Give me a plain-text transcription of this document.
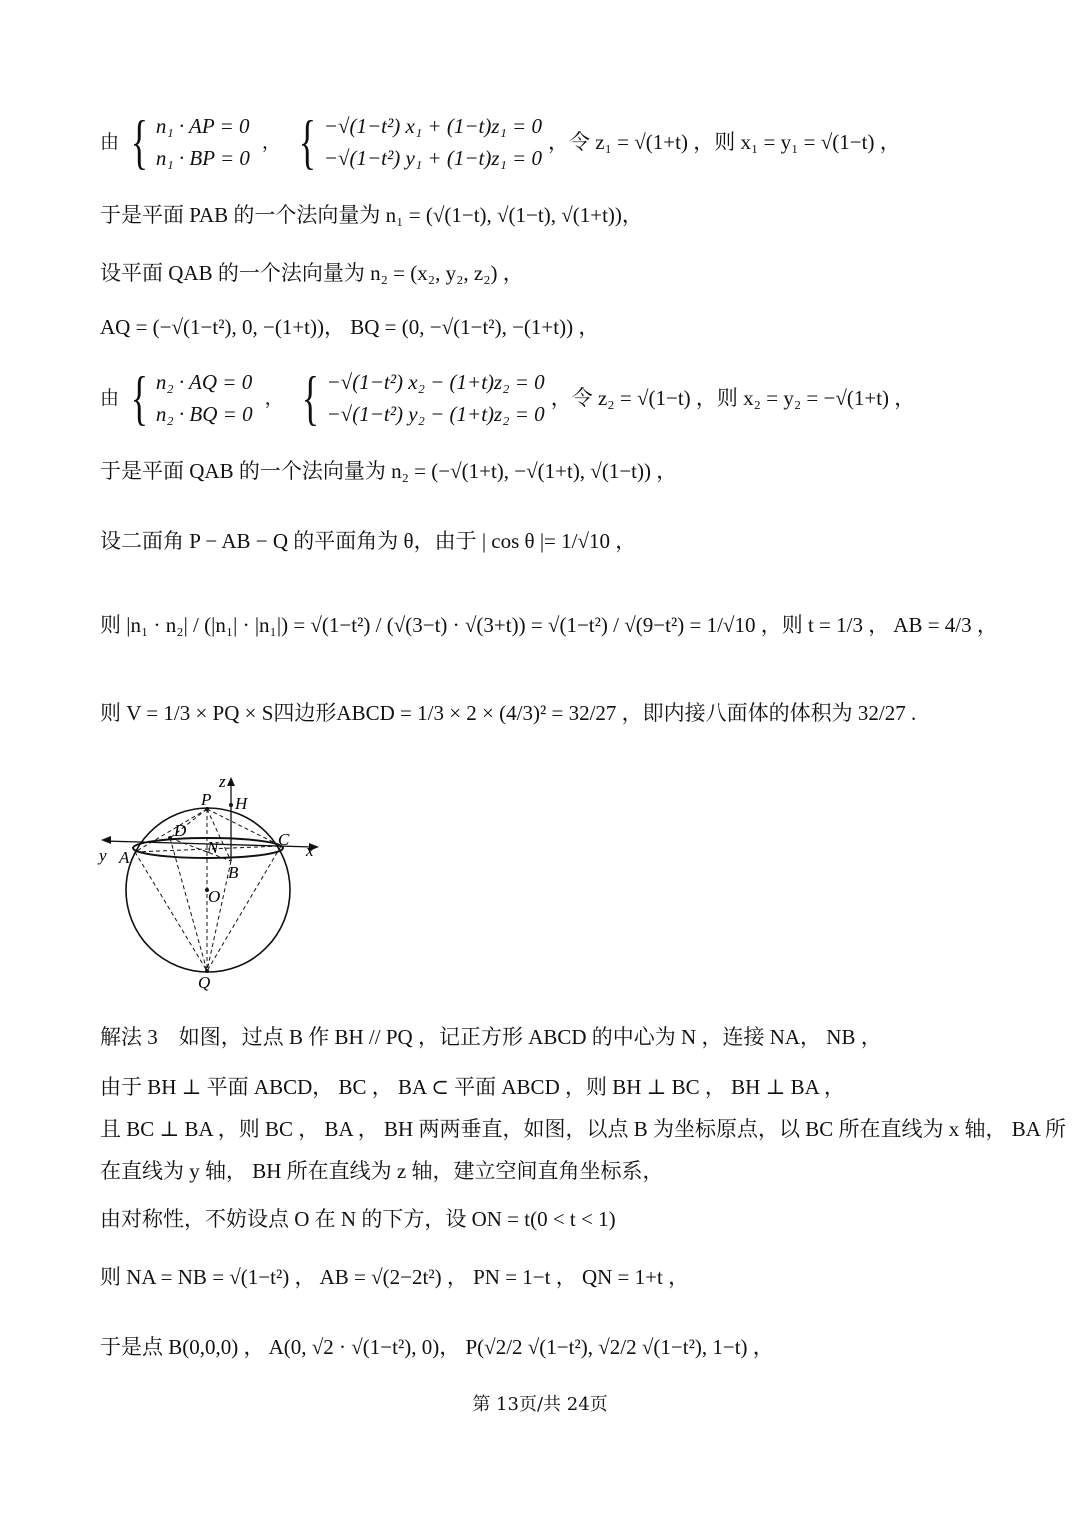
由 { n₁ · AP = 0
n₁ · BP = 0
， { −√(1−t²) x₁ + (1−t)z₁ = 0
−√(1−t²) y₁ + (1−t)z₁ = 0
，令 z₁ = √(1+t) ，则 x₁ = y₁ = √(1−t) ，
于是平面 PAB 的一个法向量为 n₁ = (√(1−t), √(1−t), √(1+t))，
设平面 QAB 的一个法向量为 n₂ = (x₂, y₂, z₂) ，
AQ = (−√(1−t²), 0, −(1+t))， BQ = (0, −√(1−t²), −(1+t)) ，
由 { n₂ · AQ = 0
n₂ · BQ = 0
， { −√(1−t²) x₂ − (1+t)z₂ = 0
−√(1−t²) y₂ − (1+t)z₂ = 0
，令 z₂ = √(1−t) ，则 x₂ = y₂ = −√(1+t) ，
于是平面 QAB 的一个法向量为 n₂ = (−√(1+t), −√(1+t), √(1−t)) ，
设二面角 P − AB − Q 的平面角为 θ，由于 | cos θ |= 1/√10 ，
则 |n₁ · n₂| / (|n₁| · |n₁|) = √(1−t²) / (√(3−t) · √(3+t)) = √(1−t²) / √(9−t²) = 1/√10 ，则 t = 1/3 ， AB = 4/3 ，
则 V = 1/3 × PQ × S四边形ABCD = 1/3 × 2 × (4/3)² = 32/27 ，即内接八面体的体积为 32/27 .
z
P H
D
N	C
x
y A
B
O
Q
解法 3　如图，过点 B 作 BH // PQ ，记正方形 ABCD 的中心为 N ，连接 NA， NB ，
由于 BH ⊥ 平面 ABCD， BC ， BA ⊂ 平面 ABCD ，则 BH ⊥ BC ， BH ⊥ BA ，
且 BC ⊥ BA ，则 BC ， BA ， BH 两两垂直，如图，以点 B 为坐标原点，以 BC 所在直线为 x 轴， BA 所
在直线为 y 轴， BH 所在直线为 z 轴，建立空间直角坐标系，
由对称性，不妨设点 O 在 N 的下方，设 ON = t(0 < t < 1)
则 NA = NB = √(1−t²) ， AB = √(2−2t²) ， PN = 1−t ， QN = 1+t ，
于是点 B(0,0,0) ， A(0, √2 · √(1−t²), 0)， P(√2/2 √(1−t²), √2/2 √(1−t²), 1−t) ，
第 13页/共 24页
